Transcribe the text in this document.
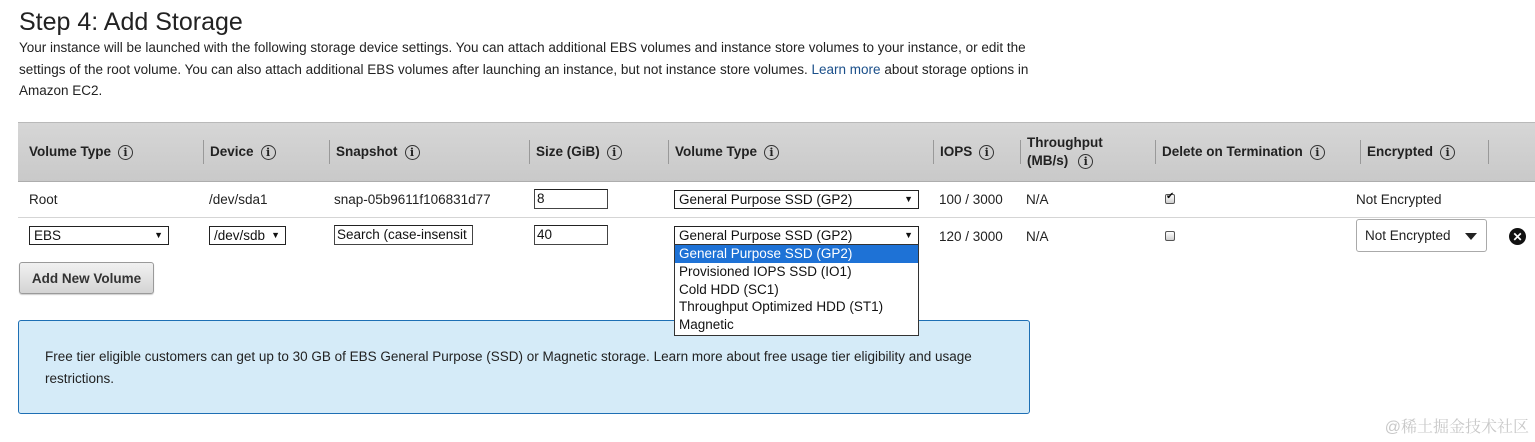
Step 4: Add Storage
Your instance will be launched with the following storage device settings. You can attach additional EBS volumes and instance store volumes to your instance, or edit the settings of the root volume. You can also attach additional EBS volumes after launching an instance, but not instance store volumes. Learn more about storage options in Amazon EC2.
Volume Type	i	Device	i	Snapshot	i	Size (GiB)	i	Volume Type	i	IOPS	i
Throughput
(MB/s)	i
Delete on Termination	i	Encrypted	i
Root	/dev/sda1	snap-05b9611f106831d77	8	General Purpose SSD (GP2)	▼ 100 / 3000 N/A
✔	Not Encrypted
EBS	▼	/dev/sdb ▼	Search (case-insensit	40	General Purpose SSD (GP2)	▼ 120 / 3000 N/A	Not Encrypted	✕
Add New Volume
General Purpose SSD (GP2)
Provisioned IOPS SSD (IO1)
Cold HDD (SC1)
Throughput Optimized HDD (ST1)
Magnetic
Free tier eligible customers can get up to 30 GB of EBS General Purpose (SSD) or Magnetic storage. Learn more about free usage tier eligibility and usage restrictions.
@稀土掘金技术社区
